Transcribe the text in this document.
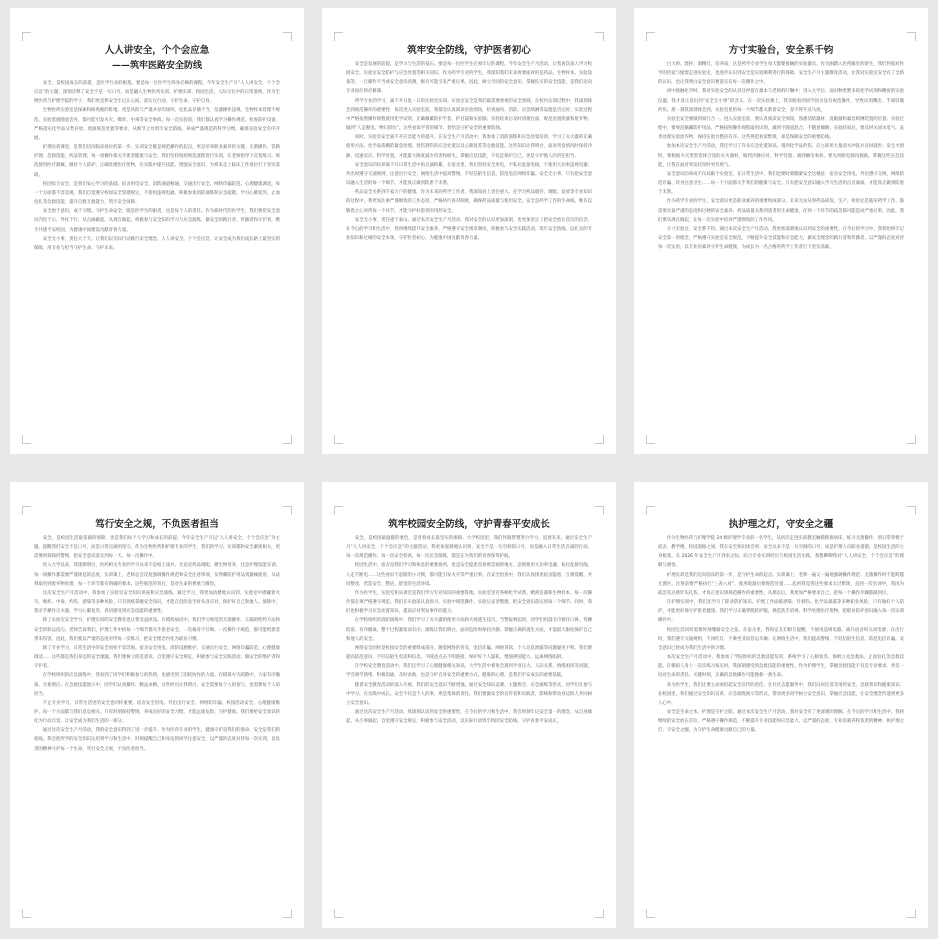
人人讲安全，个个会应急
——筑牢医路安全防线

安全，是校园成长的前提，是医学行业的根基。要是每一位医学生终身必修的课程。今年安全生产月“人人讲安全，个个会应急”的主题，深刻诠释了安全不是一句口号，而是融入生物医药实训、护理实训、校园生活、人际交往中的日常准则。作为生物医药与护理学院的学子，我们更是将安全牢记在心间、落实在行动，守护生命、守护自身。

生物医药实验室是探索科研奥秘的阵地，更是风险与严谨并存的场所。危化品存储不当、仪器操作违规、生物样本管理不规范、实验废液随意丢弃，都可能引发火灾、爆炸、中毒等安全事故。每一次实验前，我们都认真学习操作规范、检查防护设备，严格落实化学品分类存放、废液规范处置等要求，从细节之处筑牢安全防线，养成严谨规范的科学习惯，确保实验安全有序开展。

护理实训课堂，是我们迈向临床岗位的第一步。实训安全既是规范操作的起点，更是培养职业素养的关键。无菌操作、管路护理、急救技能、药品管理，每一项操作都关乎患者健康与安全。我们坚持按照规范流程进行实训，在老师指导下反复练习，规范使用医疗器械、做好个人防护、正确处理医疗废物，在实践中提升技能、增强安全意识，为将来走上临床工作岗位打下坚实基础。

校园综合安全，是我们安心学习的基础。宿舍用电安全、消防通道畅通、交通出行安全、网络诈骗防范、心理健康调适，每一个方面都不容忽视。我们自觉遵守校园安全管理规定，不使用违规电器，积极参加消防演练和应急疏散，学习心肺复苏、止血包扎等急救技能，提升自救互救能力，筑牢安全屏障。

安全始于意识，成于习惯。守护生命安全，既是医学生的职责，也是每个人的责任。作为新时代的医学生，我们要把安全意识内化于心、外化于行，从点滴做起，从现在做起，积极参与安全知识学习与应急演练，做安全的践行者、传播者和守护者，携手共建平安校园，为健康中国建设贡献青春力量。

安全无小事，责任大于天。让我们以实际行动践行安全理念，人人讲安全、个个会应急，让安全成为我们成长路上最坚实的保障，用专业与担当守护生命、守护未来。

筑牢安全防线，守护医者初心

安全是发展的前提，是学习与生活的基石。要是每一位医学生必须牢记的课程。今年安全生产月活动，让我再次深入学习校园安全、实验室安全防护与应急处置等相关知识，作为药学专业的学生，我深知我们未来将要面对的是药品、生物样本、实验设备等，一旦操作不当或安全意识淡薄，极有可能引发严重后果。因此，树立牢固的安全意识，掌握扎实的安全技能，是我们迈向专业岗位的必修课。

药学专业的学习，离不开日复一日的实验室实训。实验室安全是我们最需要重视的安全领域。在校内实训过程中，我深刻体会到规范操作的重要性：每次进入实验室前，我都会认真阅读实验须知，检查通风、消防、应急喷淋等设施是否完好；实验过程中严格按照操作规程使用化学试剂，正确佩戴防护手套、护目镜和实验服；实验结束后及时清理台面、规范处置废液和废弃物，做到“人走断电、物归原位”。这些看似平常的细节，恰恰是守护安全的重要防线。

同时，实验室安全离不开应急能力的提升。在安全生产月活动中，我参加了消防演练和应急处置培训，学习了灭火器的正确使用方法、化学品泼溅的紧急处理、烫伤割伤的应急处置以及心肺复苏等急救技能。这些知识让我明白，面对突发情况时保持冷静、迅速反应、科学处置，才能最大限度减少伤害和损失。掌握应急技能，不仅是保护自己，更是守护他人的责任担当。

安全意识的培养离不开日常生活中的点滴积累。在宿舍里，我们坚持安全用电，不私拉乱接电线，不使用大功率违规电器；外出时遵守交通规则，注意出行安全；网络生活中提高警惕，不轻信陌生信息，防范电信网络诈骗。安全无小事，只有把安全意识融入生活的每一个细节，才能真正做到防患于未然。

药品安全关系到千家万户的健康，作为未来的药学工作者，我深知肩上责任重大。在学习药品储存、调配、发放等专业知识的过程中，我更加注重严谨细致的工作态度，严格执行查对制度，确保药品质量与使用安全。安全是药学工作的生命线，唯有以敬畏之心对待每一个环节，才能守护好患者的用药安全。

安全无小事，责任重于泰山。通过本次安全生产月活动，我对安全的认识更加深刻，也更加坚定了把安全放在首位的信念。在今后的学习和生活中，我将继续提升安全素养，严格遵守安全规章制度，积极参与安全实践活动，筑牢安全防线，以扎实的专业知识和过硬的安全本领，守护医者初心，为健康中国贡献青春力量。

方寸实验台，安全系千钧

白大褂、烧杯、酒精灯、培养皿，这是药学专业学生每天都要接触的实验器具。作为刚踏入医药殿堂的新生，我们怀揣对医学的热爱与憧憬走进实验室，也逐步认识到安全是实验顺利进行的保障。安全生产月主题教育活动，让我对实验室安全有了全新的认识，也让我明白安全意识要落实在每一次操作之中。

初中接触化学时，我对实验安全的认识还停留在课本与老师的叮嘱中；进入大学后，面对种类繁多的化学试剂和精密的实验仪器，我才真正意识到“安全无小事”的含义。在一次实验课上，我亲眼看到同学因为没有规范操作，导致试剂溅出、手部轻微灼伤。那一刻我深刻体会到，实验室里的每一个细节都关系着安全，容不得半点马虎。

实验室安全要做到知行合一。进入实验室前，要认真阅读安全须知，熟悉消防器材、洗眼器和紧急喷淋装置的位置；实验过程中，要规范佩戴防护用品，严格按照操作规程取用试剂，做到不随意混合、不随意倾倒；实验结束后，要及时关闭水电气，妥善处理实验废弃物，保持实验台整洁有序。这些规范看似繁琐，却是保障安全的重要防线。

参加本次安全生产月活动，我还学习了许多应急处置知识。遇到化学品灼伤，应立即用大量清水冲洗并及时就医；发生火情时，要根据火灾类型选择合适的灭火器材，做到冷静应对、科学处置；遇到触电事故，要先切断电源再施救。掌握这些应急技能，让我在面对突发状况时更有底气。

安全意识的养成不仅局限于实验室。在日常生活中，我们也要时刻绷紧安全这根弦：宿舍安全用电、外出遵守交规、网络防范诈骗、饮食注意卫生……每一个方面都关乎我们的健康与安全。只有把安全意识融入学习生活的点点滴滴，才能真正做到防患于未然。

作为药学专业的学生，安全意识更是职业素养的重要组成部分。未来无论从事药品研发、生产、检验还是临床药学工作，都需要具备严谨的态度和过硬的安全素养。药品质量关系到患者的生命健康，任何一个环节的疏忽都可能造成严重后果。因此，我们要从现在做起，在每一次实验中培养严谨细致的工作作风。

方寸实验台，安全系千钧。通过本次安全生产月活动，我更加深刻地认识到安全的重要性。在今后的学习中，我将始终牢记安全第一的理念，严格遵守实验室安全规范，不断提升安全技能和应急能力，做安全理念的践行者和传播者，以严谨的态度对待每一次实验，以专业的素养守护生命健康，为成长为一名合格的药学工作者打下坚实基础。

笃行安全之规，不负医者担当

安全，是校园生活最基础的保障，也是我们每个人学习和成长的前提。今年安全生产月以“人人讲安全，个个会应急”为主题，提醒我们安全不是口号，而是日常点滴的坚守。作为生物医药和护理专业的学生，我们的学习、实训都和安全紧密相关，更需要时刻保持警惕，把安全意识落实到每一天、每一次操作中。

进入大学以来，我逐渐明白，医药相关专业的学习从来不是纸上谈兵。无论是药品调配、微生物培养，还是护理技能实训，每一项操作都需要严谨规范的态度。实训课上，老师总会反复强调操作规范和安全注意事项，从穿戴防护用品到器械使用，从试剂取用到废弃物处理，每一个环节都有明确的要求。这些规范的背后，是对生命的尊重与敬畏。

这次安全生产月活动中，我参加了实验室安全知识讲座和应急演练。通过学习，我更加清楚地认识到，实验室中潜藏着火灾、爆炸、中毒、灼伤、感染等多种风险。只有熟练掌握安全知识，才能在危险发生时从容应对，保护好自己和他人。演练中，我亲手操作灭火器、学习心肺复苏，真切感受到应急技能的重要性。

除了实验室安全学习，护理实训的安全教育也让我受益匪浅。在模拟病房中，我们学习规范的无菌操作、正确的给药方法和安全的转运技巧。老师告诉我们，护理工作中的每一个细节都关乎患者安全，一次核对不仔细、一次操作不规范，都可能给患者带来伤害。因此，我们要以严谨的态度对待每一次练习，把安全理念内化为职业习惯。

除了专业学习，日常生活中的安全同样不容忽视。宿舍安全用电、消防设施维护、交通出行安全、网络诈骗防范、心理健康调适……这些都是我们身边的安全课题。我们要树立防范意识，自觉遵守安全规定，积极参与安全实践活动，做安全的维护者和守护者。

在学校组织的应急演练中，我看到了同学们积极参与的热情，也感受到了团结协作的力量。在模拟火灾疏散中，大家有序撤离、互相照应；在急救技能展示中，同学们认真操作、精益求精。这些经历让我明白，安全需要每个人的参与，也需要每个人的担当。

不止专业学习，日常生活里的安全也同样重要。宿舍安全用电、外出出行安全、网络防诈骗、校园活动安全、心理健康维护，每一个方面都与我们息息相关。只有时刻保持警惕，养成良好的安全习惯，才能远离危险、守护健康。我们要把安全知识转化为行动自觉，让安全成为我们生活的一部分。

通过这次安全生产月活动，我的安全意识得到了进一步提升。作为医药专业的学生，健康守护是我们的使命，安全是我们的底线。我会把所学的安全知识运用到学习和生活中，时刻提醒自己和身边的同学注意安全，以严谨的态度对待每一次实训，以负责的精神守护每一个生命，笃行安全之规，不负医者担当。

筑牢校园安全防线，守护青春平安成长

安全，是校园最温暖的底色，是青春成长最坚实的保障。大学校园里，我们怀揣梦想努力学习，追逐未来。通过安全生产月“人人讲安全，个个会应急”的主题活动，我更加深刻地认识到，安全不是一句空洞的口号，而是融入日常生活点滴的行动。每一次规范操作、每一次安全检查、每一次应急演练，都是在为我们的青春保驾护航。

校园生活中，宿舍是我们学习和休息的重要场所，也是安全隐患容易被忽视的地方。违规使用大功率电器、私拉乱接电线、人走不断电……这些看似不起眼的小习惯，都可能引发火灾等严重后果。在安全检查中，我们认真排查宿舍隐患，互相提醒、共同整改，营造安全、整洁、舒适的生活环境。

作为医学生，实验室和实训室是我们学习专业知识的重要阵地。实验室里有各种化学试剂、精密仪器和生物样本，每一次操作都必须严格遵守规范。我们在实验前认真预习、实验中规范操作、实验后妥善整理，把安全意识落实到每一个细节。同时，我们也积极学习应急处置知识，提高应对突发事件的能力。

在学校组织的消防演练中，我们学习了灭火器的使用方法和火场逃生技巧。当警报响起时，同学们用湿毛巾捂住口鼻、弯腰低姿、有序撤离，整个过程紧张而有序。演练让我们明白，面对危险时保持冷静、掌握正确的逃生方法，才能最大限度保护自己和他人的安全。

网络安全同样是校园安全的重要组成部分。随着网络的普及，电信诈骗、网络贷款、个人信息泄露等问题屡见不鲜。我们要提高防范意识，不轻信陌生电话和信息，不随意点击不明链接，保护好个人隐私，增强辨别能力，远离网络陷阱。

在学校安全教育活动中，我们还学习了心理健康相关知识。大学生活中难免会遇到学业压力、人际关系、情绪困扰等问题，学会调节情绪、积极沟通、及时求助，也是守护自身安全的重要方式。健康的心理，是我们平安成长的重要基础。

随着安全教育活动的深入开展，我们的安全意识不断增强。通过安全知识竞赛、主题班会、应急演练等形式，同学们在参与中学习、在实践中成长。安全不仅是个人的事，更是集体的责任。我们要做安全的宣传者和实践者，影响和带动身边的人共同树立安全意识。

通过这次安全生产月活动，我深刻认识到安全的重要性。在今后的学习和生活中，我会时刻牢记安全第一的理念，从自身做起，从小事做起，自觉遵守安全规定，积极参与安全活动，以实际行动筑牢校园安全防线，守护青春平安成长。

执护理之灯，守安全之疆

作为生物医药与护理学院 24 级护理学专业的一名学生，从初次走进实训教室触摸模拟病床，练习无菌操作，到日常穿梭于宿舍、教学楼、校园道路之间，我在安全知识体会到：安全从来不是一句空洞的口号，而是护理人员职业道德。是校园生活的立身根基。在 2026 年安全生产月到来之际，结合专业实训经历与校园生活实践，我想聊聊我对“人人讲安全，个个会应急”的理解与感悟。

护理实训是我们迈向临床的第一步，是守护生命的起点。实训课上，老师一遍又一遍地强调操作规范：无菌操作时不能跨越无菌区，注射前要严格执行“三查八对”，使用锐器后要规范处置……起初我觉得这些要求太过繁琐，直到一次实训中，我因为疏忽差点被针头扎伤，才真正意识到规范操作的重要性。从那以后，我更加严格要求自己，把每一个操作步骤都做到位。

在护理实训中，我们还学习了职业防护知识。护理工作面临感染、针刺伤、化学品暴露等多种职业风险，只有做好个人防护，才能更好地守护患者健康。我们学习正确穿脱防护服、规范洗手消毒、科学处理医疗废物，把职业防护意识融入每一次实训操作中。

校园生活同样需要时刻绷紧安全之弦。在宿舍里，我和室友们相互提醒，不使用违规电器，离开宿舍时关闭电源；在出行时，我们遵守交通规则，不闯红灯、不乘坐非法营运车辆；在网络生活中，我们提高警惕，不轻信陌生信息，防范电信诈骗。安全意识已经成为我们生活中的习惯。

本次安全生产月活动中，我参加了学院组织的急救技能培训，系统学习了心肺复苏、海姆立克急救法、止血包扎等急救技能。在模拟人身上一次次练习按压时，我深刻感受到急救技能的重要性。作为护理学生，掌握急救技能不仅是专业要求，更是一份对生命的责任。关键时刻，正确的急救操作可能挽救一条生命。

身为医学生，我们还要主动承担起安全宣传的责任。在社区志愿服务中，我们向居民普及用药安全、急救常识和健康知识；在校园里，我们通过安全知识宣讲、应急演练展示等形式，带动更多同学树立安全意识、掌握应急技能，让安全理念传递到更多人心中。

安全是生命之本，护理是守护之职。通过本次安全生产月活动，我对安全有了更深刻的理解。在今后的学习和生活中，我将继续把安全放在首位，严格遵守操作规范，不断提升专业技能和应急能力，以严谨的态度、专业的素养和负责的精神，执护理之灯，守安全之疆，为守护生命健康贡献自己的力量。
